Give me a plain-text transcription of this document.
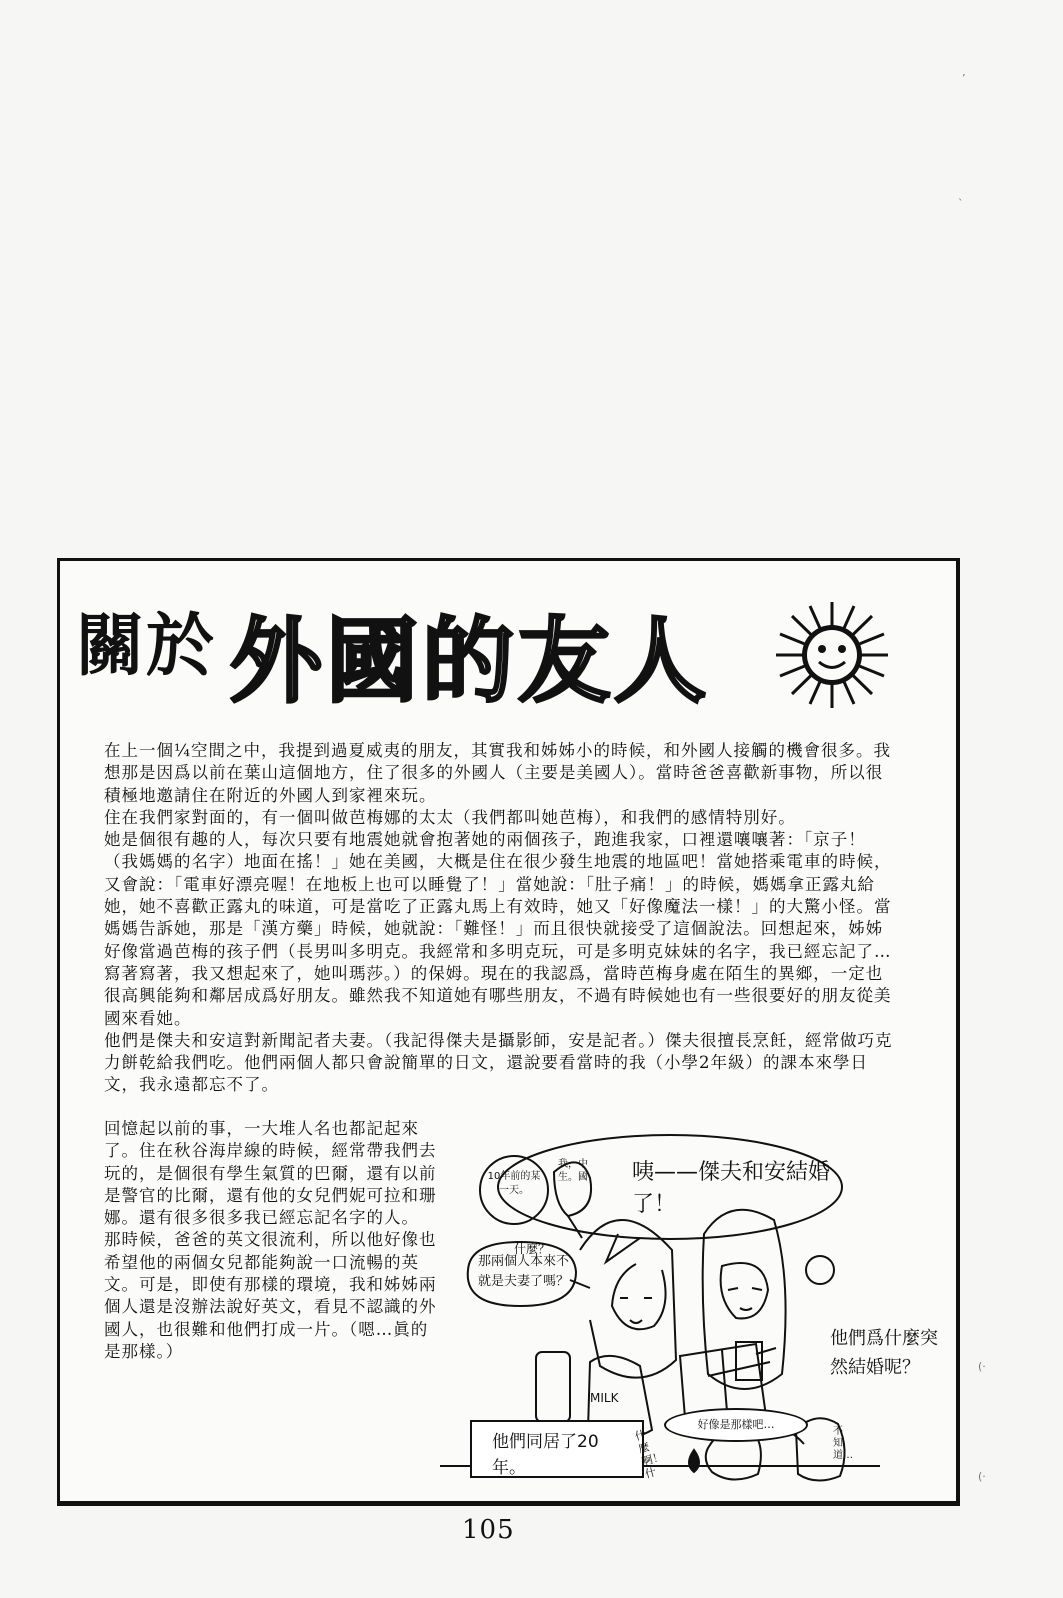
ʼ
ˎ
(·
(·
關於 外國的友人

在上一個¼空間之中，我提到過夏威夷的朋友，其實我和姊姊小的時候，和外國人接觸的機會很多。我想那是因爲以前在葉山這個地方，住了很多的外國人（主要是美國人）。當時爸爸喜歡新事物，所以很積極地邀請住在附近的外國人到家裡來玩。

住在我們家對面的，有一個叫做芭梅娜的太太（我們都叫她芭梅），和我們的感情特別好。

她是個很有趣的人，每次只要有地震她就會抱著她的兩個孩子，跑進我家，口裡還嚷嚷著：「京子！（我媽媽的名字）地面在搖！」她在美國，大概是住在很少發生地震的地區吧！當她搭乘電車的時候，又會說：「電車好漂亮喔！在地板上也可以睡覺了！」當她說：「肚子痛！」的時候，媽媽拿正露丸給她，她不喜歡正露丸的味道，可是當吃了正露丸馬上有效時，她又「好像魔法一樣！」的大驚小怪。當媽媽告訴她，那是「漢方藥」時候，她就說：「難怪！」而且很快就接受了這個說法。回想起來，姊姊好像當過芭梅的孩子們（長男叫多明克。我經常和多明克玩，可是多明克妹妹的名字，我已經忘記了…寫著寫著，我又想起來了，她叫瑪莎。）的保姆。現在的我認爲，當時芭梅身處在陌生的異鄉，一定也很高興能夠和鄰居成爲好朋友。雖然我不知道她有哪些朋友，不過有時候她也有一些很要好的朋友從美國來看她。

他們是傑夫和安這對新聞記者夫妻。（我記得傑夫是攝影師，安是記者。）傑夫很擅長烹飪，經常做巧克力餅乾給我們吃。他們兩個人都只會說簡單的日文，還說要看當時的我（小學2年級）的課本來學日文，我永遠都忘不了。

回憶起以前的事，一大堆人名也都記起來了。住在秋谷海岸線的時候，經常帶我們去玩的，是個很有學生氣質的巴爾，還有以前是警官的比爾，還有他的女兒們妮可拉和珊娜。還有很多很多我已經忘記名字的人。

那時候，爸爸的英文很流利，所以他好像也希望他的兩個女兒都能夠說一口流暢的英文。可是，即使有那樣的環境，我和姊姊兩個人還是沒辦法說好英文，看見不認識的外國人，也很難和他們打成一片。（嗯…眞的是那樣。）

MILK
咦——傑夫和安結婚了！
10年前的某一天。
我，中生。國
什麼？
那兩個人本來不就是夫妻了嗎？
他們爲什麼突然結婚呢？
他們同居了20年。
好像是那樣吧…
什麼啊！什
不知道…
105
